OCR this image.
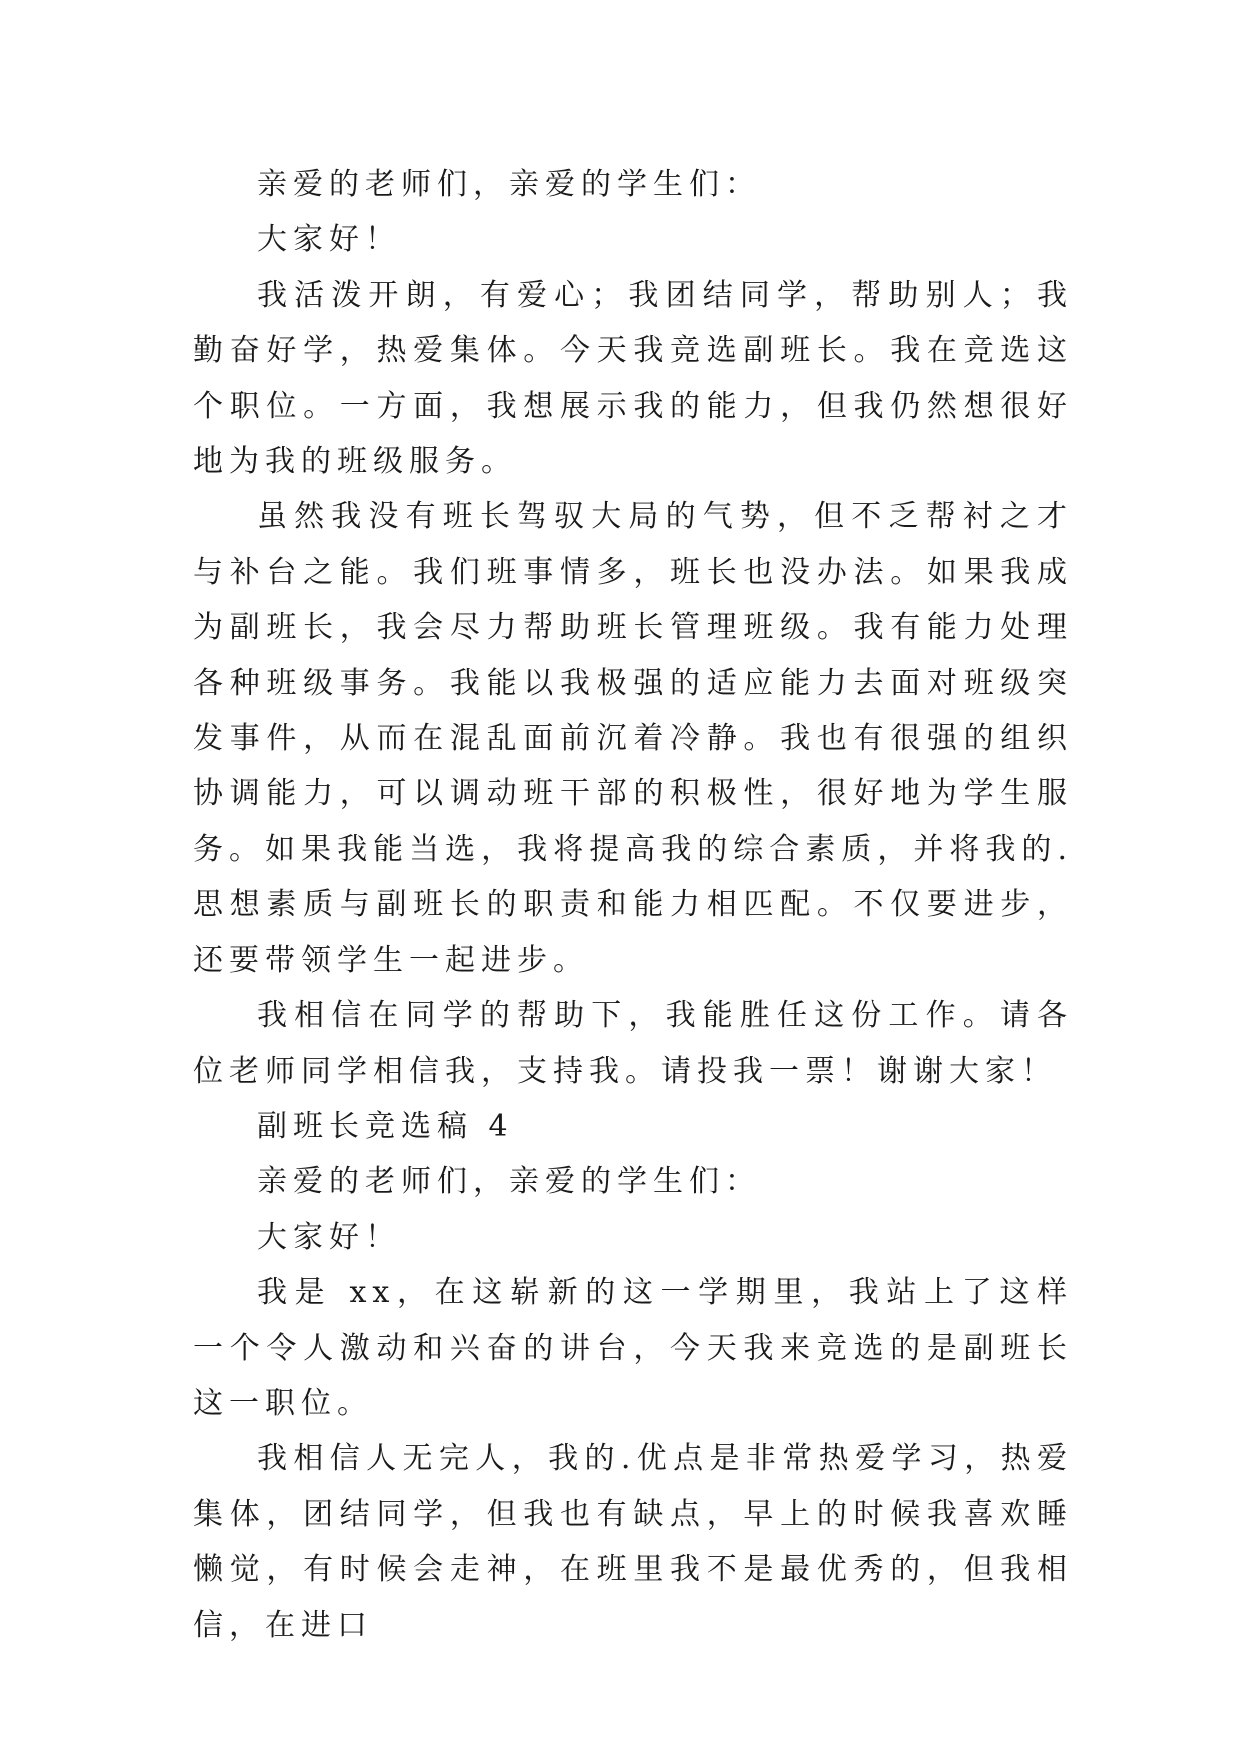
亲爱的老师们，亲爱的学生们：

大家好！

我活泼开朗，有爱心；我团结同学，帮助别人；我勤奋好学，热爱集体。今天我竞选副班长。我在竞选这个职位。一方面，我想展示我的能力，但我仍然想很好地为我的班级服务。

虽然我没有班长驾驭大局的气势，但不乏帮衬之才与补台之能。我们班事情多，班长也没办法。如果我成为副班长，我会尽力帮助班长管理班级。我有能力处理各种班级事务。我能以我极强的适应能力去面对班级突发事件，从而在混乱面前沉着冷静。我也有很强的组织协调能力，可以调动班干部的积极性，很好地为学生服务。如果我能当选，我将提高我的综合素质，并将我的.思想素质与副班长的职责和能力相匹配。不仅要进步，还要带领学生一起进步。

我相信在同学的帮助下，我能胜任这份工作。请各位老师同学相信我，支持我。请投我一票！谢谢大家！

副班长竞选稿 4

亲爱的老师们，亲爱的学生们：

大家好！

我是 xx，在这崭新的这一学期里，我站上了这样一个令人激动和兴奋的讲台，今天我来竞选的是副班长这一职位。

我相信人无完人，我的.优点是非常热爱学习，热爱集体，团结同学，但我也有缺点，早上的时候我喜欢睡懒觉，有时候会走神，在班里我不是最优秀的，但我相信，在进口
